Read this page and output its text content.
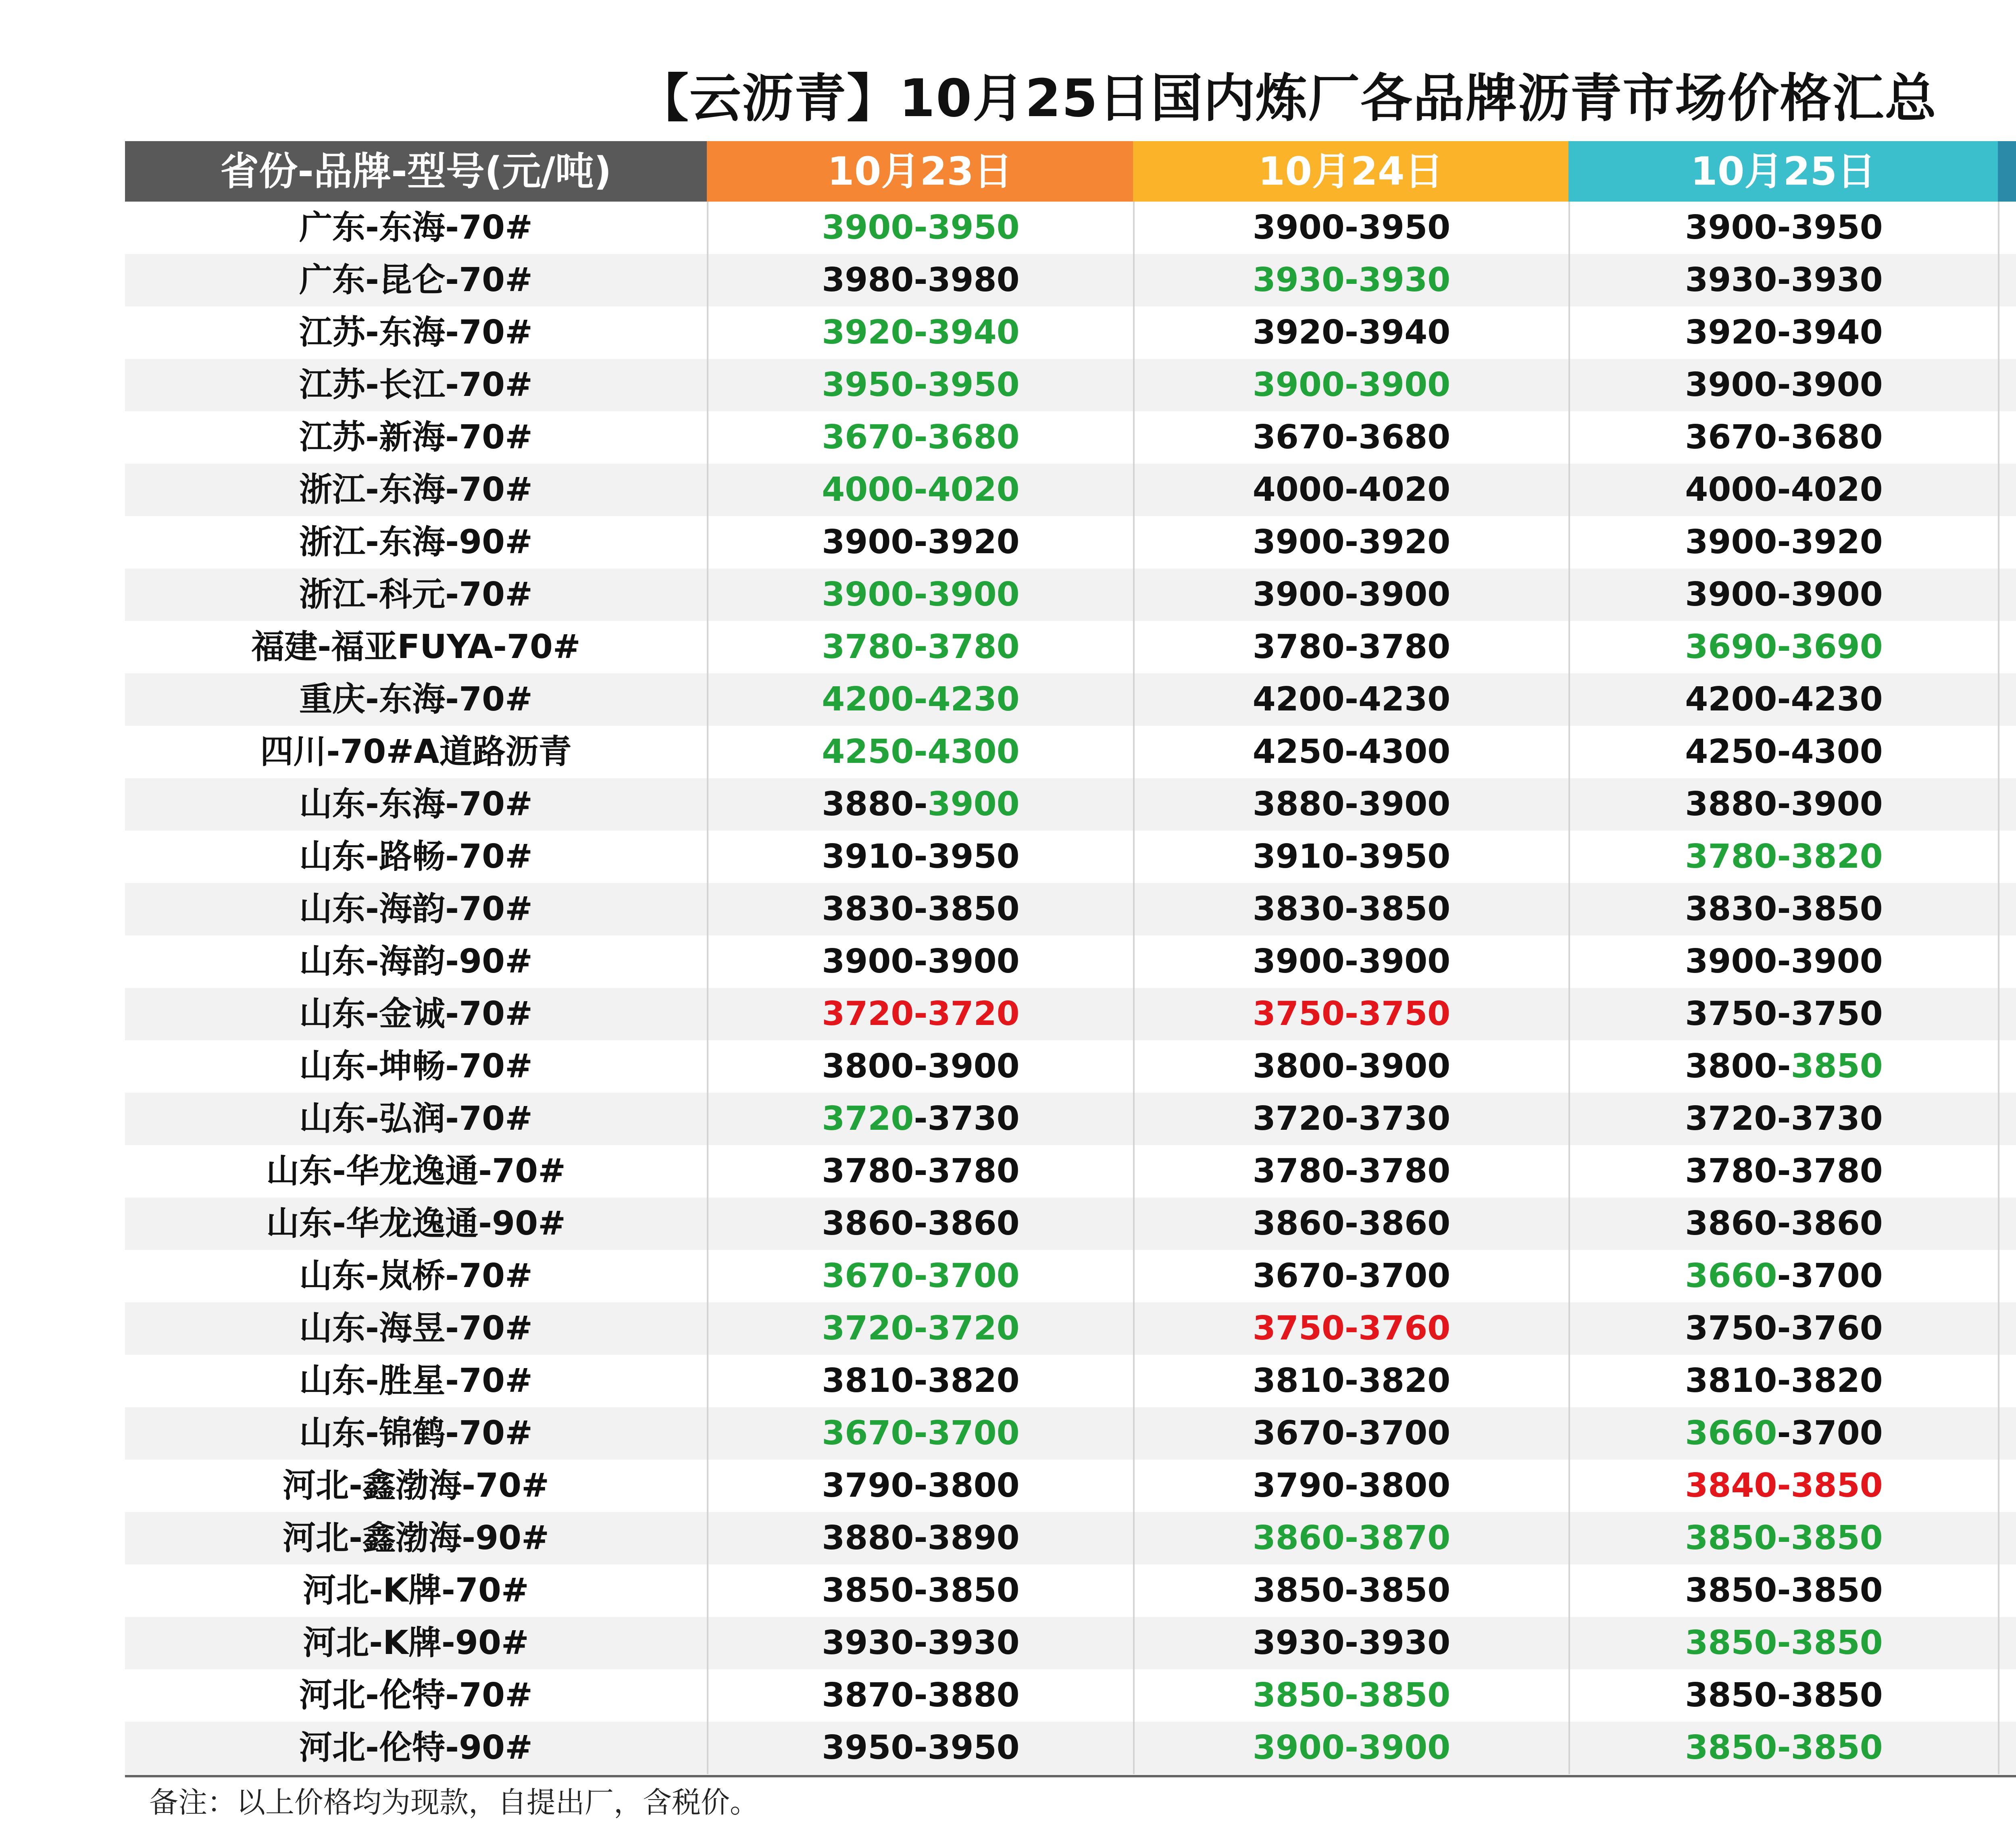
【云沥青】10月25日国内炼厂各品牌沥青市场价格汇总
省份-品牌-型号(元/吨)	10月23日	10月24日	10月25日
广东-东海-70#	3900-3950	3900-3950	3900-3950
广东-昆仑-70#	3980-3980	3930-3930	3930-3930
江苏-东海-70#	3920-3940	3920-3940	3920-3940
江苏-长江-70#	3950-3950	3900-3900	3900-3900
江苏-新海-70#	3670-3680	3670-3680	3670-3680
浙江-东海-70#	4000-4020	4000-4020	4000-4020
浙江-东海-90#	3900-3920	3900-3920	3900-3920
浙江-科元-70#	3900-3900	3900-3900	3900-3900
福建-福亚FUYA-70#	3780-3780	3780-3780	3690-3690
重庆-东海-70#	4200-4230	4200-4230	4200-4230
四川-70#A道路沥青	4250-4300	4250-4300	4250-4300
山东-东海-70#	3880-3900	3880-3900	3880-3900
山东-路畅-70#	3910-3950	3910-3950	3780-3820
山东-海韵-70#	3830-3850	3830-3850	3830-3850
山东-海韵-90#	3900-3900	3900-3900	3900-3900
山东-金诚-70#	3720-3720	3750-3750	3750-3750
山东-坤畅-70#	3800-3900	3800-3900	3800-3850
山东-弘润-70#	3720-3730	3720-3730	3720-3730
山东-华龙逸通-70#	3780-3780	3780-3780	3780-3780
山东-华龙逸通-90#	3860-3860	3860-3860	3860-3860
山东-岚桥-70#	3670-3700	3670-3700	3660-3700
山东-海昱-70#	3720-3720	3750-3760	3750-3760
山东-胜星-70#	3810-3820	3810-3820	3810-3820
山东-锦鹤-70#	3670-3700	3670-3700	3660-3700
河北-鑫渤海-70#	3790-3800	3790-3800	3840-3850
河北-鑫渤海-90#	3880-3890	3860-3870	3850-3850
河北-K牌-70#	3850-3850	3850-3850	3850-3850
河北-K牌-90#	3930-3930	3930-3930	3850-3850
河北-伦特-70#	3870-3880	3850-3850	3850-3850
河北-伦特-90#	3950-3950	3900-3900	3850-3850
备注：以上价格均为现款，自提出厂，含税价。
